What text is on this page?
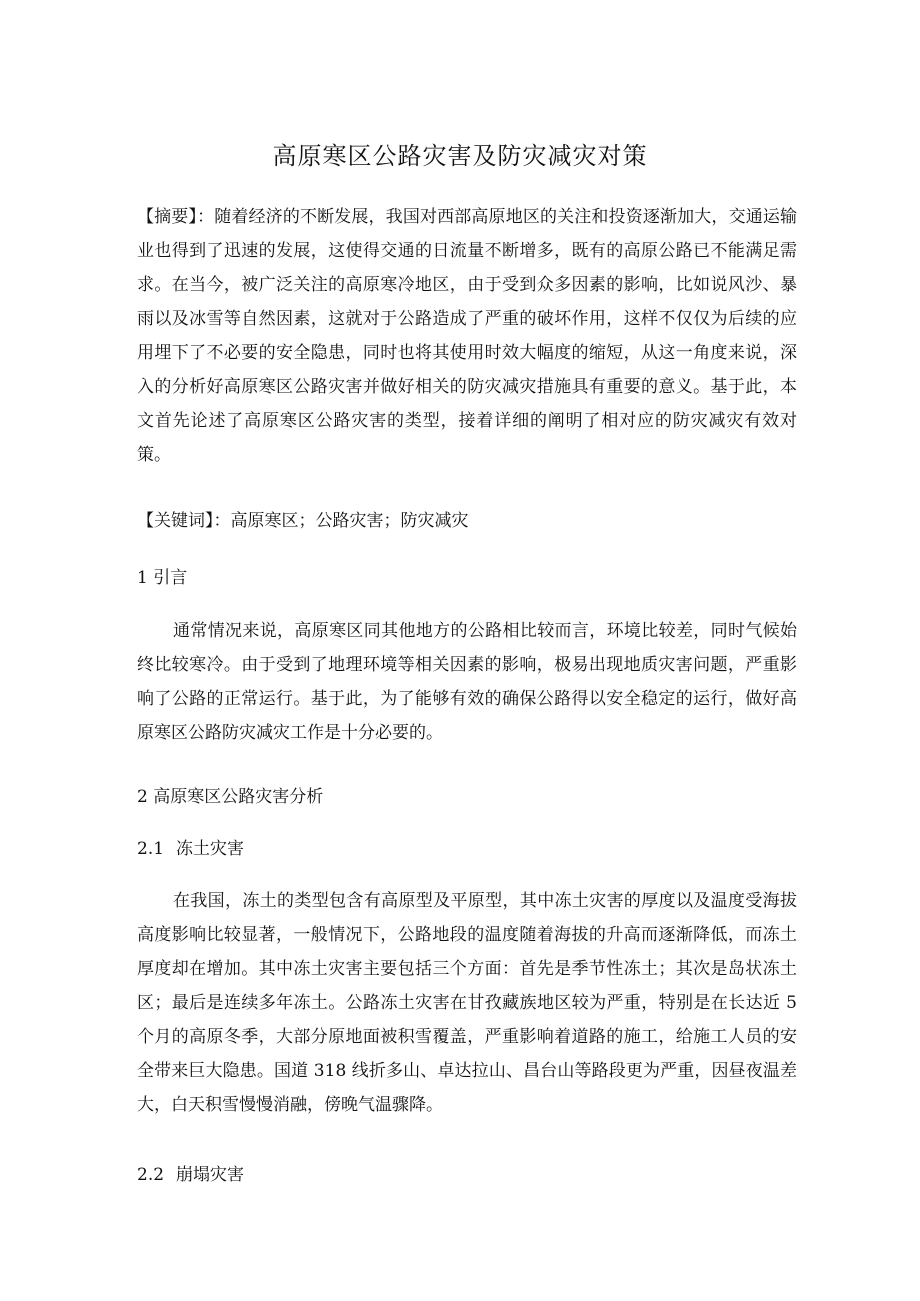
高原寒区公路灾害及防灾减灾对策
【摘要】：随着经济的不断发展，我国对西部高原地区的关注和投资逐渐加大，交通运输业也得到了迅速的发展，这使得交通的日流量不断增多，既有的高原公路已不能满足需求。在当今，被广泛关注的高原寒冷地区，由于受到众多因素的影响，比如说风沙、暴雨以及冰雪等自然因素，这就对于公路造成了严重的破坏作用，这样不仅仅为后续的应用埋下了不必要的安全隐患，同时也将其使用时效大幅度的缩短，从这一角度来说，深入的分析好高原寒区公路灾害并做好相关的防灾减灾措施具有重要的意义。基于此，本文首先论述了高原寒区公路灾害的类型，接着详细的阐明了相对应的防灾减灾有效对策。
【关键词】：高原寒区；公路灾害；防灾减灾
1 引言
通常情况来说，高原寒区同其他地方的公路相比较而言，环境比较差，同时气候始终比较寒冷。由于受到了地理环境等相关因素的影响，极易出现地质灾害问题，严重影响了公路的正常运行。基于此，为了能够有效的确保公路得以安全稳定的运行，做好高原寒区公路防灾减灾工作是十分必要的。
2 高原寒区公路灾害分析
2.1 冻土灾害
在我国，冻土的类型包含有高原型及平原型，其中冻土灾害的厚度以及温度受海拔高度影响比较显著，一般情况下，公路地段的温度随着海拔的升高而逐渐降低，而冻土厚度却在增加。其中冻土灾害主要包括三个方面：首先是季节性冻土；其次是岛状冻土区；最后是连续多年冻土。公路冻土灾害在甘孜藏族地区较为严重，特别是在长达近 5 个月的高原冬季，大部分原地面被积雪覆盖，严重影响着道路的施工，给施工人员的安全带来巨大隐患。国道 318 线折多山、卓达拉山、昌台山等路段更为严重，因昼夜温差大，白天积雪慢慢消融，傍晚气温骤降。
2.2 崩塌灾害
